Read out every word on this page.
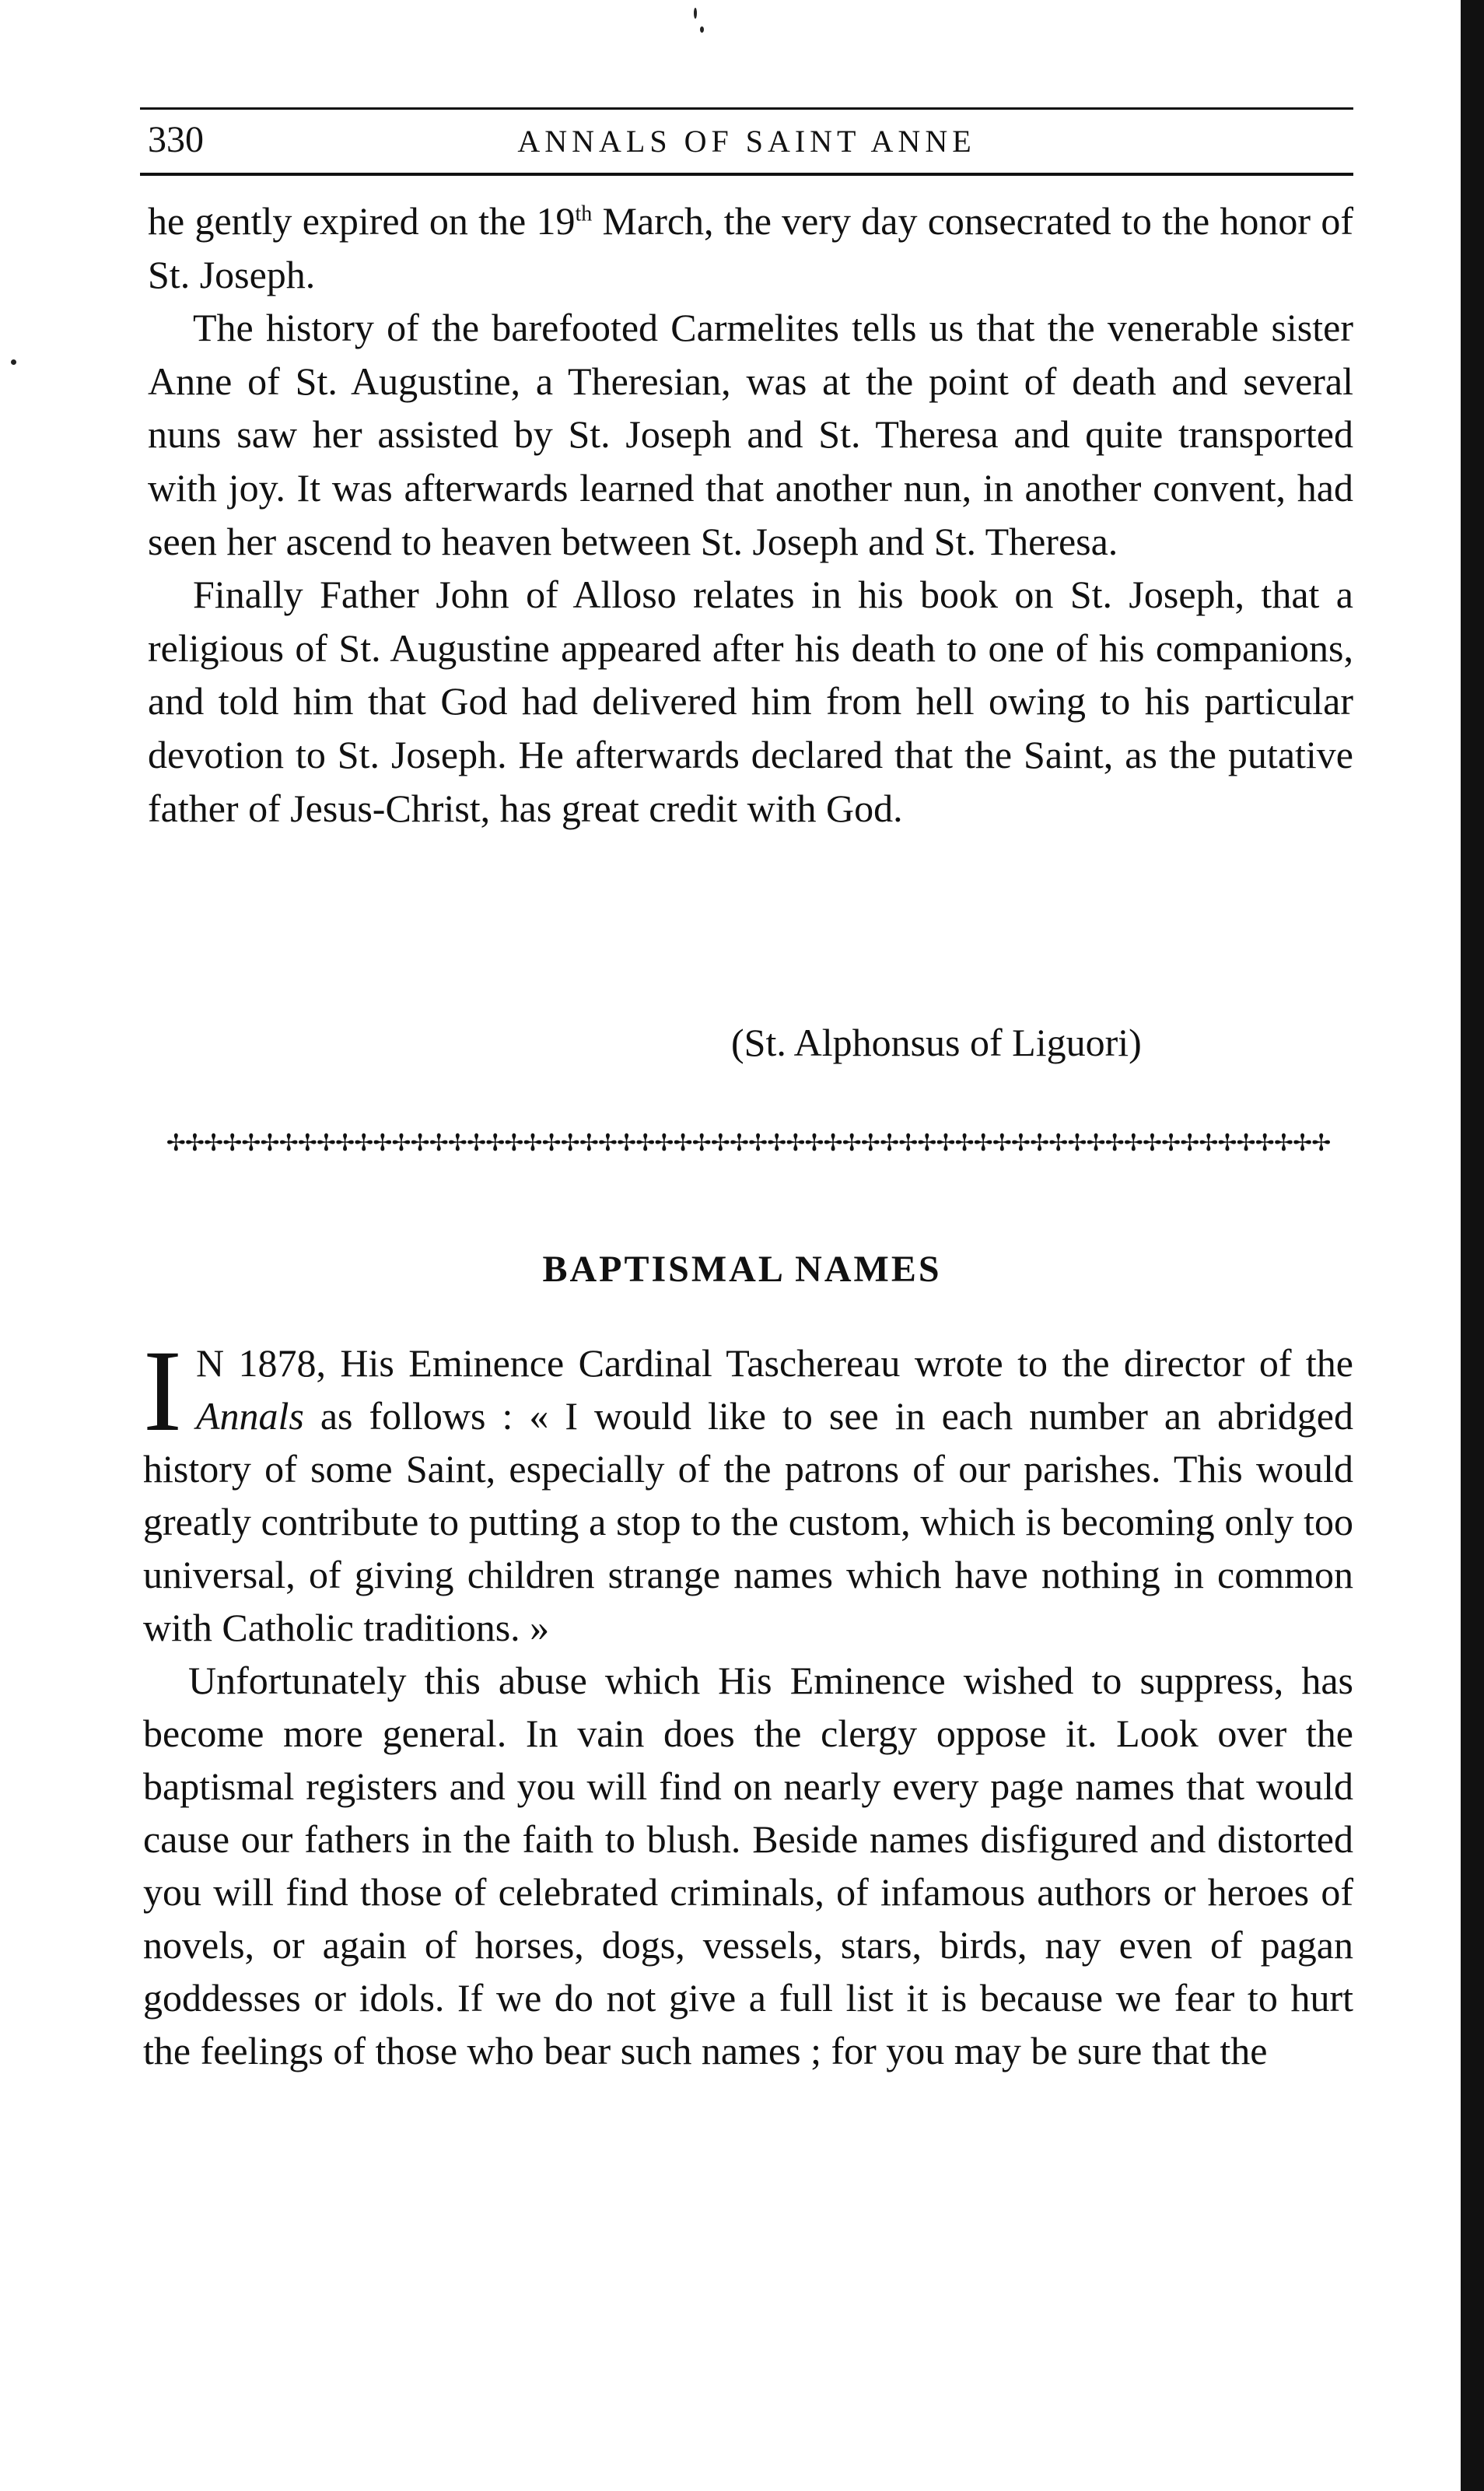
330	ANNALS OF SAINT ANNE

he gently expired on the 19th March, the very day consecrated to the honor of St. Joseph.

The history of the barefooted Carmelites tells us that the venerable sister Anne of St. Augustine, a Theresian, was at the point of death and several nuns saw her assisted by St. Joseph and St. Theresa and quite transported with joy. It was afterwards learned that another nun, in another convent, had seen her ascend to heaven between St. Joseph and St. Theresa.

Finally Father John of Alloso relates in his book on St. Joseph, that a religious of St. Augustine appeared after his death to one of his companions, and told him that God had delivered him from hell owing to his particular devotion to St. Joseph. He afterwards declared that the Saint, as the putative father of Jesus-Christ, has great credit with God.

(St. Alphonsus of Liguori)
✢✢✢✢✢✢✢✢✢✢✢✢✢✢✢✢✢✢✢✢✢✢✢✢✢✢✢✢✢✢✢✢✢✢✢✢✢✢✢✢✢✢✢✢✢✢✢✢✢✢✢✢✢✢✢✢✢✢✢✢✢✢
BAPTISMAL NAMES

I N 1878, His Eminence Cardinal Taschereau wrote to the director of the Annals as follows : « I would like to see in each number an abridged history of some Saint, especially of the patrons of our parishes. This would greatly contribute to putting a stop to the custom, which is becoming only too universal, of giving children strange names which have nothing in common with Catholic traditions. »

Unfortunately this abuse which His Eminence wished to suppress, has become more general. In vain does the clergy oppose it. Look over the baptismal registers and you will find on nearly every page names that would cause our fathers in the faith to blush. Beside names disfigured and distorted you will find those of celebrated criminals, of infamous authors or heroes of novels, or again of horses, dogs, vessels, stars, birds, nay even of pagan goddesses or idols. If we do not give a full list it is because we fear to hurt the feelings of those who bear such names ; for you may be sure that the
